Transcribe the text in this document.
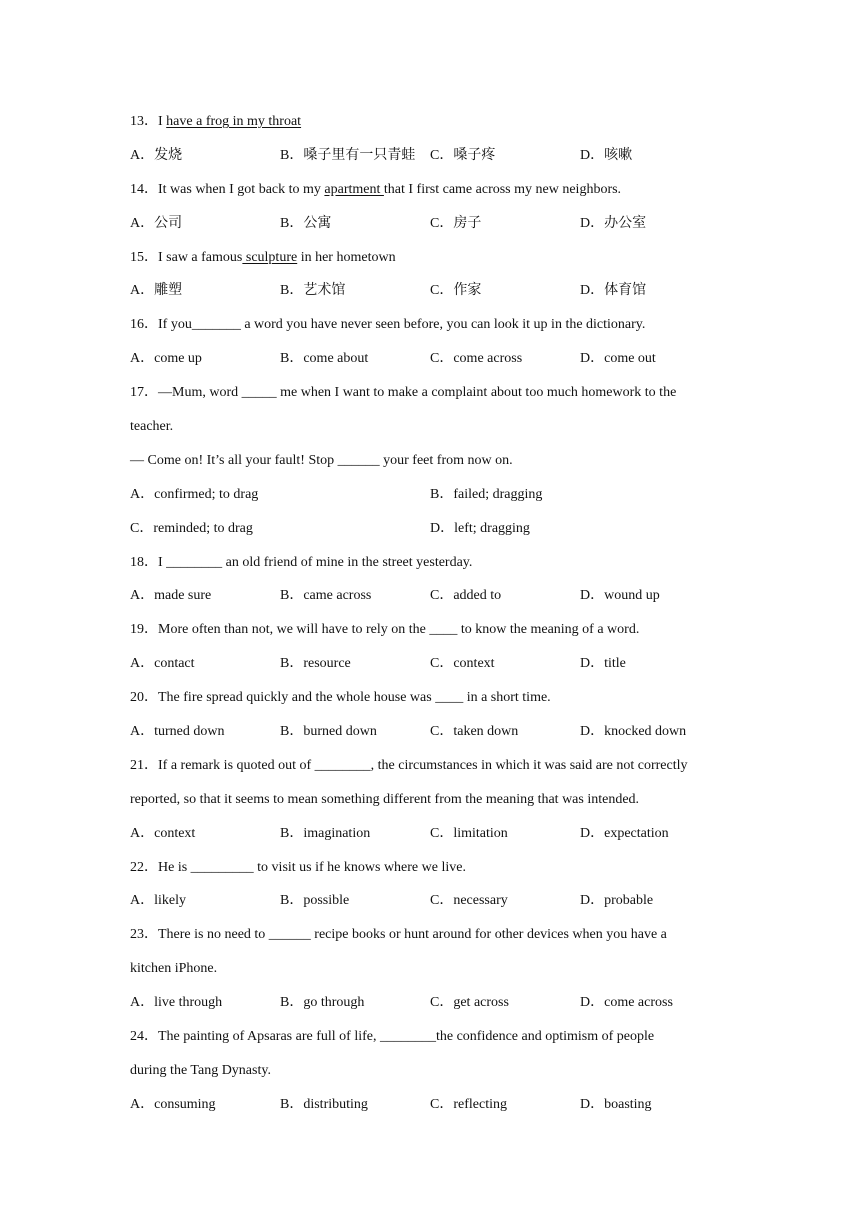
13．I have a frog in my throat
A．发烧	B．嗓子里有一只青蛙	C．嗓子疼	D．咳嗽
14．It was when I got back to my apartment that I first came across my new neighbors.
A．公司	B．公寓	C．房子	D．办公室
15．I saw a famous sculpture in her hometown
A．雕塑	B．艺术馆	C．作家	D．体育馆
16．If you_______ a word you have never seen before, you can look it up in the dictionary.
A．come up	B．come about	C．come across	D．come out
17．—Mum, word _____ me when I want to make a complaint about too much homework to the
teacher.
— Come on! It’s all your fault! Stop ______ your feet from now on.
A．confirmed; to drag	B．failed; dragging
C．reminded; to drag	D．left; dragging
18．I ________ an old friend of mine in the street yesterday.
A．made sure	B．came across	C．added to	D．wound up
19．More often than not, we will have to rely on the ____ to know the meaning of a word.
A．contact	B．resource	C．context	D．title
20．The fire spread quickly and the whole house was ____ in a short time.
A．turned down	B．burned down	C．taken down	D．knocked down
21．If a remark is quoted out of ________, the circumstances in which it was said are not correctly
reported, so that it seems to mean something different from the meaning that was intended.
A．context	B．imagination	C．limitation	D．expectation
22．He is _________ to visit us if he knows where we live.
A．likely	B．possible	C．necessary	D．probable
23．There is no need to ______ recipe books or hunt around for other devices when you have a
kitchen iPhone.
A．live through	B．go through	C．get across	D．come across
24．The painting of Apsaras are full of life, ________the confidence and optimism of people
during the Tang Dynasty.
A．consuming	B．distributing	C．reflecting	D．boasting
